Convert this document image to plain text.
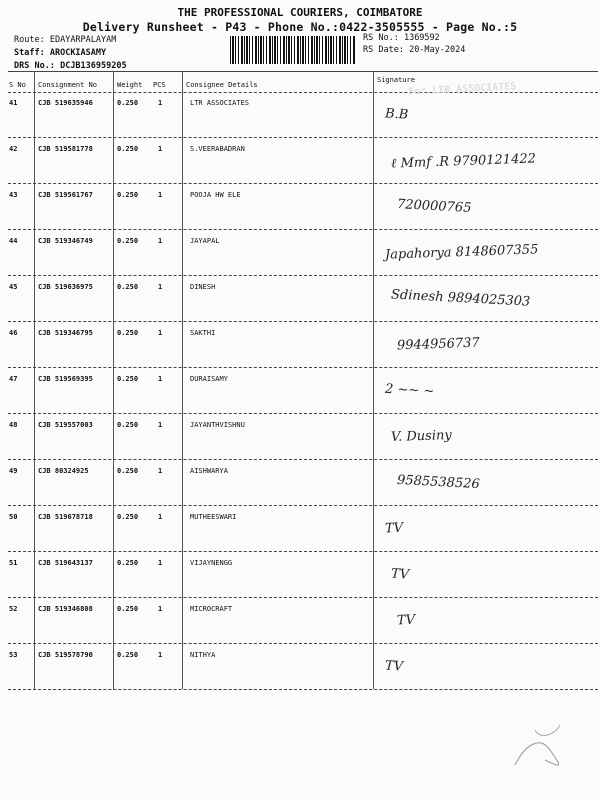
THE PROFESSIONAL COURIERS, COIMBATORE
Delivery Runsheet - P43 - Phone No.:0422-3505555 - Page No.:5
Route: EDAYARPALAYAM
Staff: AROCKIASAMY
DRS No.: DCJB136959205
RS No.: 1369592
RS Date: 20-May-2024
S No Consignment No	Weight PCS	Consignee Details
Signature
For LTR ASSOCIATES
41	CJB 519635946	0.250	1	LTR ASSOCIATES
B.B
42	CJB 519581778	0.250	1	S.VEERABADRAN
ℓ Mmf .R 9790121422
43	CJB 519561767	0.250	1	POOJA HW ELE
720000765
44	CJB 519346749	0.250	1	JAYAPAL
Japahorya 8148607355
45	CJB 519636975	0.250	1	DINESH
Sdinesh 9894025303
46	CJB 519346795	0.250	1	SAKTHI
9944956737
47	CJB 519569395	0.250	1	DURAISAMY
2 ~~ ~
48	CJB 519557003	0.250	1	JAYANTHVISHNU
V. Dusiny
49	CJB 80324925	0.250	1	AISHWARYA
9585538526
50	CJB 519678718	0.250	1	MUTHEESWARI
TV
51	CJB 519643137	0.250	1	VIJAYNENGG
TV
52	CJB 519346808	0.250	1	MICROCRAFT
TV
53	CJB 519578790	0.250	1	NITHYA
TV
